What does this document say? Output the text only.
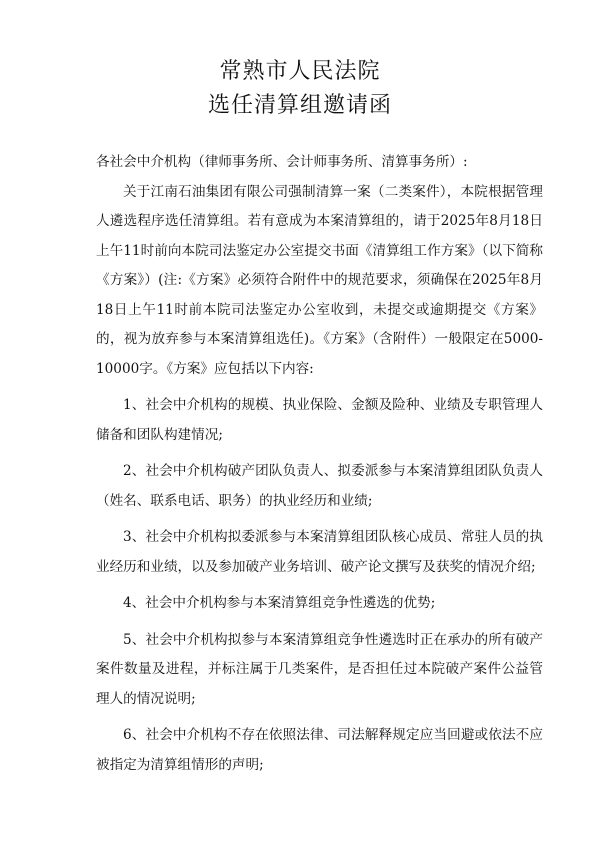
常熟市人民法院
选任清算组邀请函

各社会中介机构（律师事务所、会计师事务所、清算事务所）:

关于江南石油集团有限公司强制清算一案（二类案件），本院根据管理人遴选程序选任清算组。若有意成为本案清算组的，请于2025年8月18日上午11时前向本院司法鉴定办公室提交书面《清算组工作方案》（以下简称《方案》）(注:《方案》必须符合附件中的规范要求，须确保在2025年8月18日上午11时前本院司法鉴定办公室收到，未提交或逾期提交《方案》的，视为放弃参与本案清算组选任)。《方案》（含附件）一般限定在5000-10000字。《方案》应包括以下内容:

1、社会中介机构的规模、执业保险、金额及险种、业绩及专职管理人储备和团队构建情况;

2、社会中介机构破产团队负责人、拟委派参与本案清算组团队负责人（姓名、联系电话、职务）的执业经历和业绩;

3、社会中介机构拟委派参与本案清算组团队核心成员、常驻人员的执业经历和业绩，以及参加破产业务培训、破产论文撰写及获奖的情况介绍;

4、社会中介机构参与本案清算组竞争性遴选的优势;

5、社会中介机构拟参与本案清算组竞争性遴选时正在承办的所有破产案件数量及进程，并标注属于几类案件，是否担任过本院破产案件公益管理人的情况说明;

6、社会中介机构不存在依照法律、司法解释规定应当回避或依法不应被指定为清算组情形的声明;
